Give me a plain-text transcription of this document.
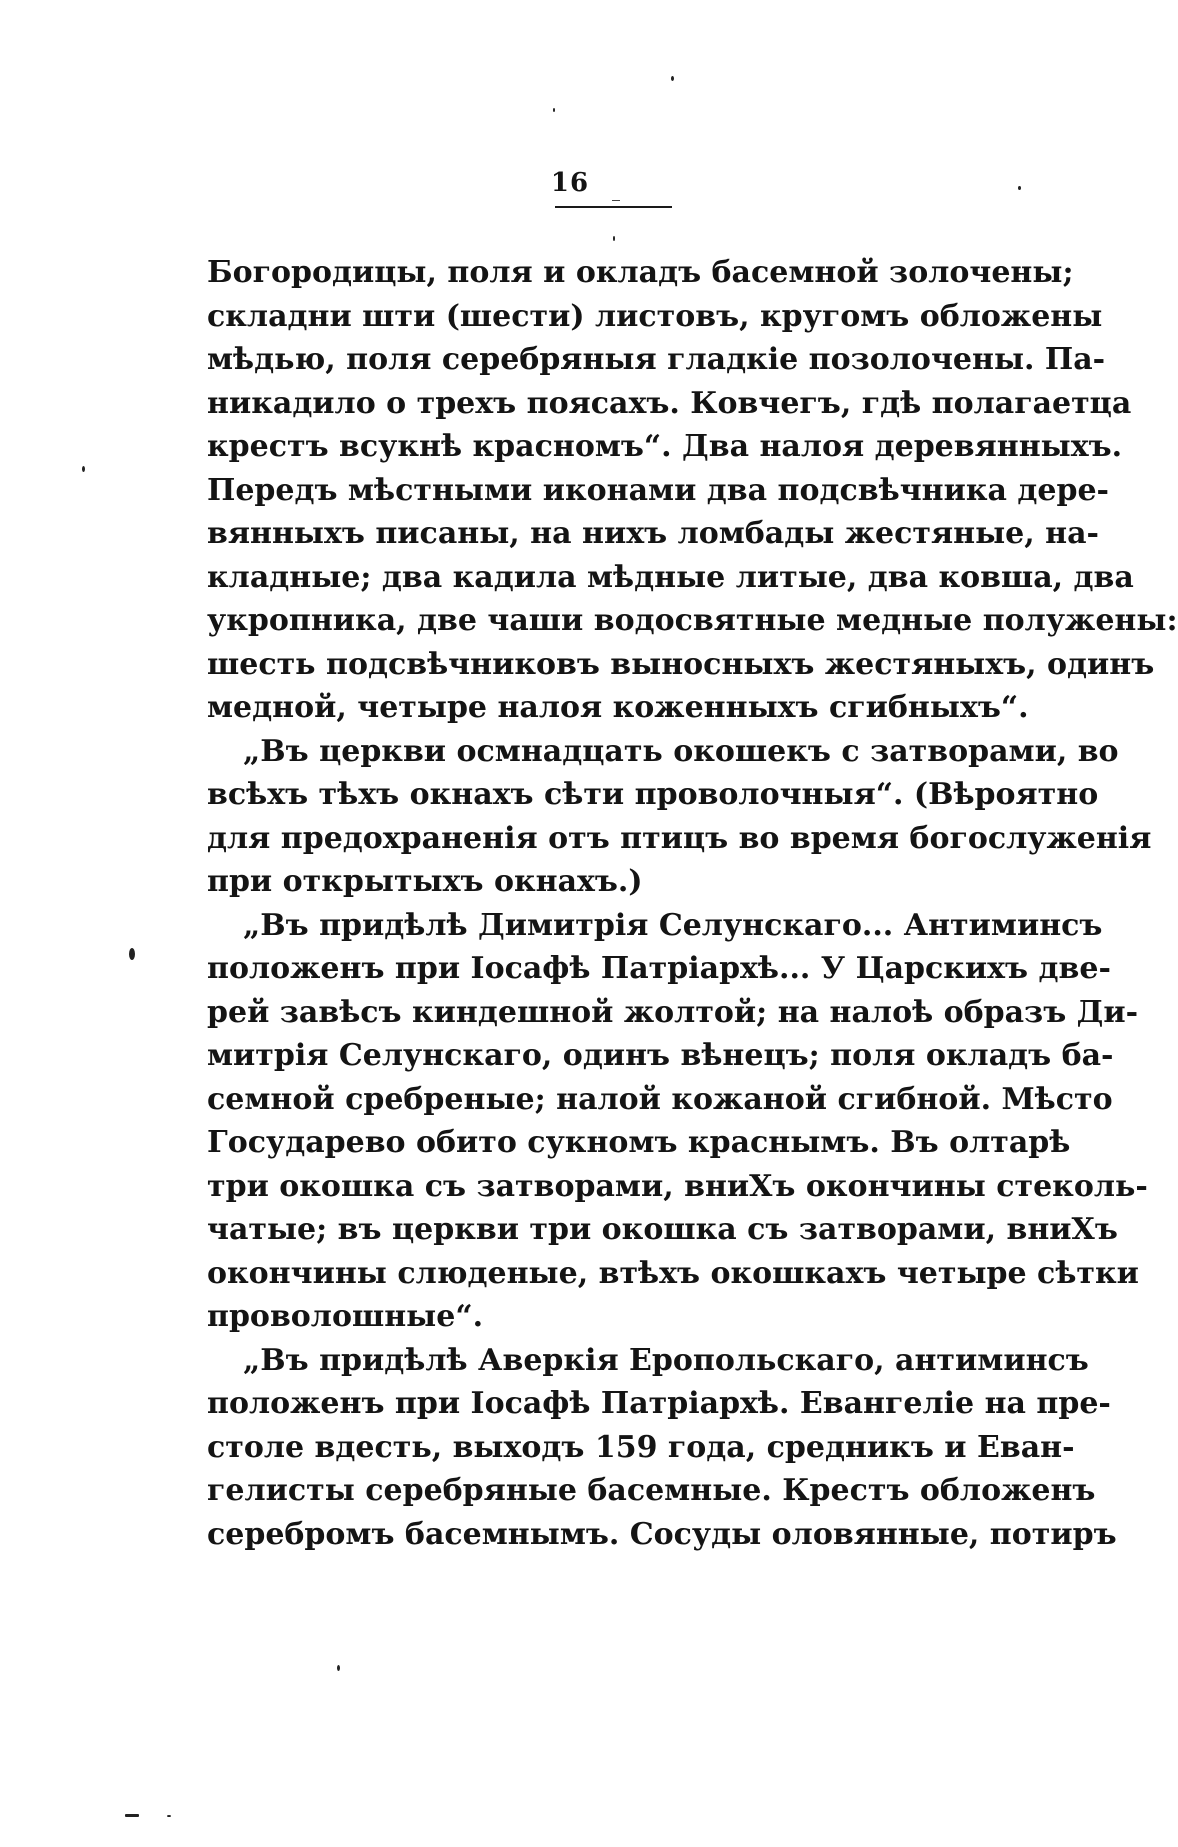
16
Богородицы, поля и окладъ басемной золочены;
складни шти (шести) листовъ, кругомъ обложены
мѣдью, поля серебряныя гладкіе позолочены. Па-
никадило о трехъ поясахъ. Ковчегъ, гдѣ полагаетца
крестъ всукнѣ красномъ“. Два налоя деревянныхъ.
Передъ мѣстными иконами два подсвѣчника дере-
вянныхъ писаны, на нихъ ломбады жестяные, на-
кладные; два кадила мѣдные литые, два ковша, два
укропника, две чаши водосвятные медные полужены:
шесть подсвѣчниковъ выносныхъ жестяныхъ, одинъ
медной, четыре налоя коженныхъ сгибныхъ“.
„Въ церкви осмнадцать окошекъ с затворами, во
всѣхъ тѣхъ окнахъ сѣти проволочныя“. (Вѣроятно
для предохраненія отъ птицъ во время богослуженія
при открытыхъ окнахъ.)
„Въ придѣлѣ Димитрія Селунскаго... Антиминсъ
положенъ при Іосафѣ Патріархѣ... У Царскихъ две-
рей завѣсъ киндешной жолтой; на налоѣ образъ Ди-
митрія Селунскаго, одинъ вѣнецъ; поля окладъ ба-
семной сребреные; налой кожаной сгибной. Мѣсто
Государево обито сукномъ краснымъ. Въ олтарѣ
три окошка съ затворами, вниХъ окончины стеколь-
чатые; въ церкви три окошка съ затворами, вниХъ
окончины слюденые, втѣхъ окошкахъ четыре сѣтки
проволошные“.
„Въ придѣлѣ Аверкія Еропольскаго, антиминсъ
положенъ при Іосафѣ Патріархѣ. Евангеліе на пре-
столе вдесть, выходъ 159 года, средникъ и Еван-
гелисты серебряные басемные. Крестъ обложенъ
серебромъ басемнымъ. Сосуды оловянные, потиръ
